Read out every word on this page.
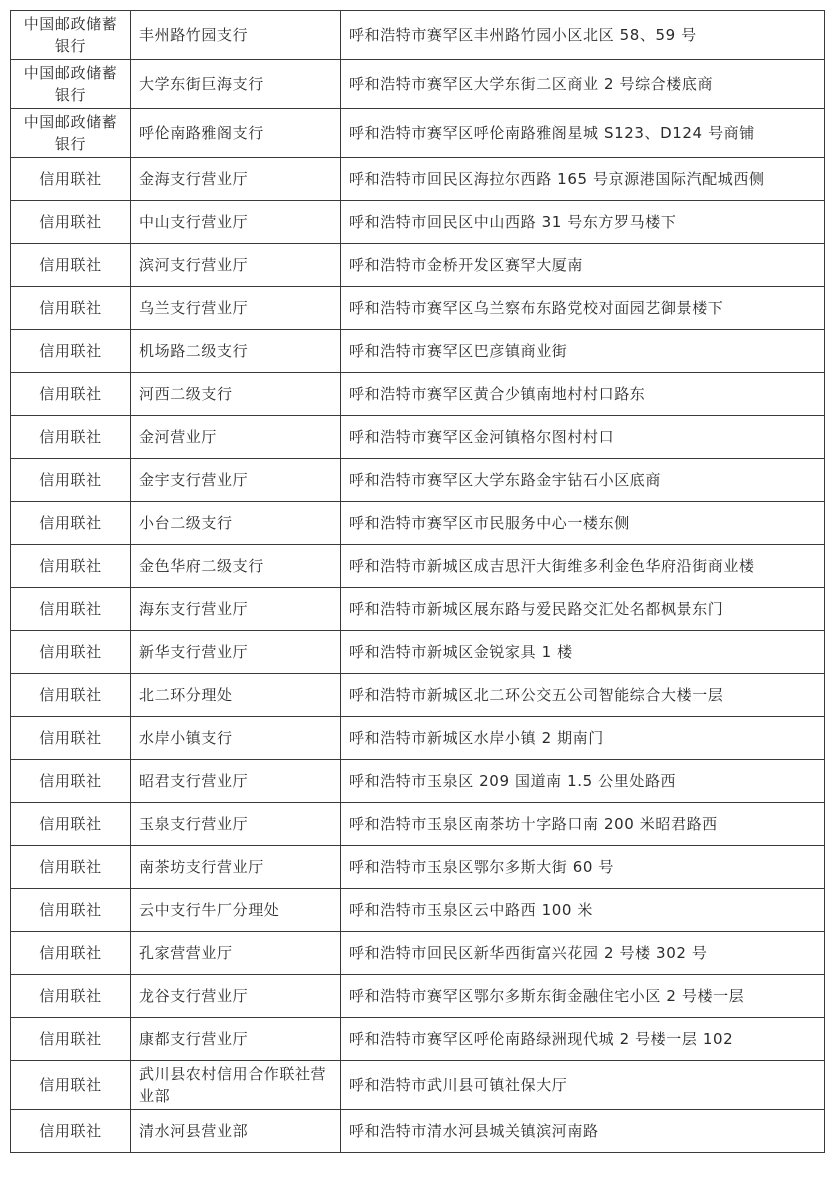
中国邮政储蓄银行	丰州路竹园支行	呼和浩特市赛罕区丰州路竹园小区北区 58、59 号
中国邮政储蓄银行	大学东街巨海支行	呼和浩特市赛罕区大学东街二区商业 2 号综合楼底商
中国邮政储蓄银行	呼伦南路雅阁支行	呼和浩特市赛罕区呼伦南路雅阁星城 S123、D124 号商铺
信用联社	金海支行营业厅	呼和浩特市回民区海拉尔西路 165 号京源港国际汽配城西侧
信用联社	中山支行营业厅	呼和浩特市回民区中山西路 31 号东方罗马楼下
信用联社	滨河支行营业厅	呼和浩特市金桥开发区赛罕大厦南
信用联社	乌兰支行营业厅	呼和浩特市赛罕区乌兰察布东路党校对面园艺御景楼下
信用联社	机场路二级支行	呼和浩特市赛罕区巴彦镇商业街
信用联社	河西二级支行	呼和浩特市赛罕区黄合少镇南地村村口路东
信用联社	金河营业厅	呼和浩特市赛罕区金河镇格尔图村村口
信用联社	金宇支行营业厅	呼和浩特市赛罕区大学东路金宇钻石小区底商
信用联社	小台二级支行	呼和浩特市赛罕区市民服务中心一楼东侧
信用联社	金色华府二级支行	呼和浩特市新城区成吉思汗大街维多利金色华府沿街商业楼
信用联社	海东支行营业厅	呼和浩特市新城区展东路与爱民路交汇处名都枫景东门
信用联社	新华支行营业厅	呼和浩特市新城区金锐家具 1 楼
信用联社	北二环分理处	呼和浩特市新城区北二环公交五公司智能综合大楼一层
信用联社	水岸小镇支行	呼和浩特市新城区水岸小镇 2 期南门
信用联社	昭君支行营业厅	呼和浩特市玉泉区 209 国道南 1.5 公里处路西
信用联社	玉泉支行营业厅	呼和浩特市玉泉区南茶坊十字路口南 200 米昭君路西
信用联社	南茶坊支行营业厅	呼和浩特市玉泉区鄂尔多斯大街 60 号
信用联社	云中支行牛厂分理处	呼和浩特市玉泉区云中路西 100 米
信用联社	孔家营营业厅	呼和浩特市回民区新华西街富兴花园 2 号楼 302 号
信用联社	龙谷支行营业厅	呼和浩特市赛罕区鄂尔多斯东街金融住宅小区 2 号楼一层
信用联社	康都支行营业厅	呼和浩特市赛罕区呼伦南路绿洲现代城 2 号楼一层 102
信用联社	武川县农村信用合作联社营业部	呼和浩特市武川县可镇社保大厅
信用联社	清水河县营业部	呼和浩特市清水河县城关镇滨河南路
